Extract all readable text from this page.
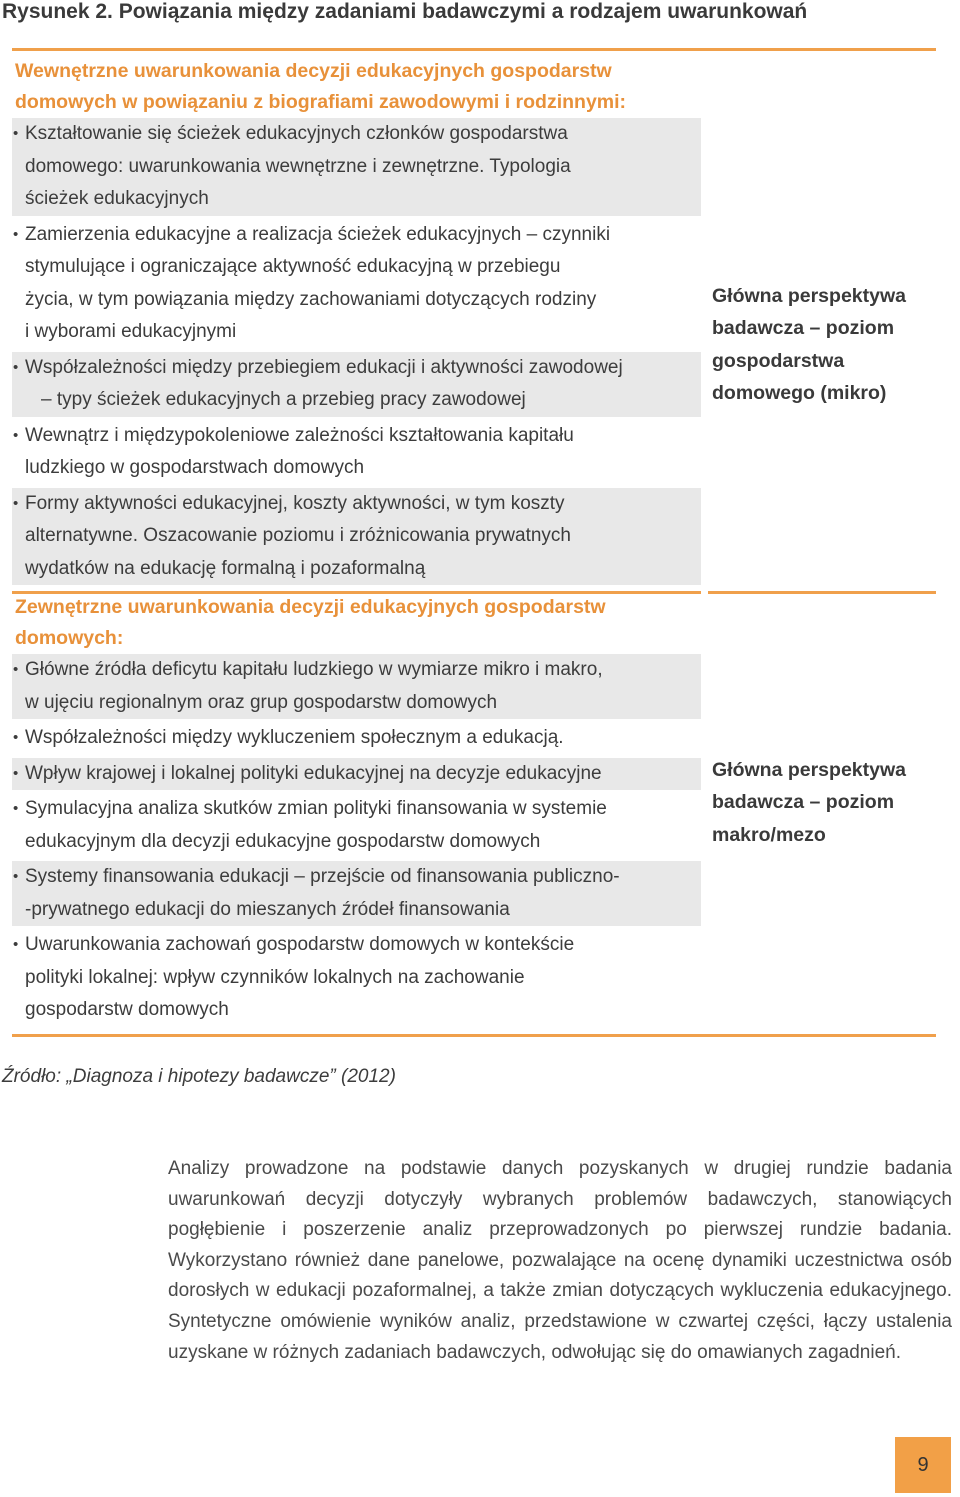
Rysunek 2. Powiązania między zadaniami badawczymi a rodzajem uwarunkowań
Wewnętrzne uwarunkowania decyzji edukacyjnych gospodarstw
domowych w powiązaniu z biografiami zawodowymi i rodzinnymi:
• Kształtowanie się ścieżek edukacyjnych członków gospodarstwa
domowego: uwarunkowania wewnętrzne i zewnętrzne. Typologia
ścieżek edukacyjnych
• Zamierzenia edukacyjne a realizacja ścieżek edukacyjnych – czynniki
stymulujące i ograniczające aktywność edukacyjną w przebiegu
życia, w tym powiązania między zachowaniami dotyczących rodziny
i wyborami edukacyjnymi
• Współzależności między przebiegiem edukacji i aktywności zawodowej
– typy ścieżek edukacyjnych a przebieg pracy zawodowej
• Wewnątrz i międzypokoleniowe zależności kształtowania kapitału
ludzkiego w gospodarstwach domowych
• Formy aktywności edukacyjnej, koszty aktywności, w tym koszty
alternatywne. Oszacowanie poziomu i zróżnicowania prywatnych
wydatków na edukację formalną i pozaformalną
Zewnętrzne uwarunkowania decyzji edukacyjnych gospodarstw
domowych:
• Główne źródła deficytu kapitału ludzkiego w wymiarze mikro i makro,
w ujęciu regionalnym oraz grup gospodarstw domowych
• Współzależności między wykluczeniem społecznym a edukacją.
• Wpływ krajowej i lokalnej polityki edukacyjnej na decyzje edukacyjne
• Symulacyjna analiza skutków zmian polityki finansowania w systemie
edukacyjnym dla decyzji edukacyjne gospodarstw domowych
• Systemy finansowania edukacji – przejście od finansowania publiczno-
-prywatnego edukacji do mieszanych źródeł finansowania
• Uwarunkowania zachowań gospodarstw domowych w kontekście
polityki lokalnej: wpływ czynników lokalnych na zachowanie
gospodarstw domowych
Główna perspektywa
badawcza – poziom
gospodarstwa
domowego (mikro)
Główna perspektywa
badawcza – poziom
makro/mezo
Źródło: „Diagnoza i hipotezy badawcze” (2012)
Analizy prowadzone na podstawie danych pozyskanych w drugiej rundzie badania uwarunkowań decyzji dotyczyły wybranych problemów badawczych, stanowiących pogłębienie i poszerzenie analiz przeprowadzonych po pierwszej rundzie badania. Wykorzystano również dane panelowe, pozwalające na ocenę dynamiki uczestnictwa osób dorosłych w edukacji pozaformalnej, a także zmian dotyczących wykluczenia edukacyjnego. Syntetyczne omówienie wyników analiz, przedstawione w czwartej części, łączy ustalenia uzyskane w różnych zadaniach badawczych, odwołując się do omawianych zagadnień.
9
